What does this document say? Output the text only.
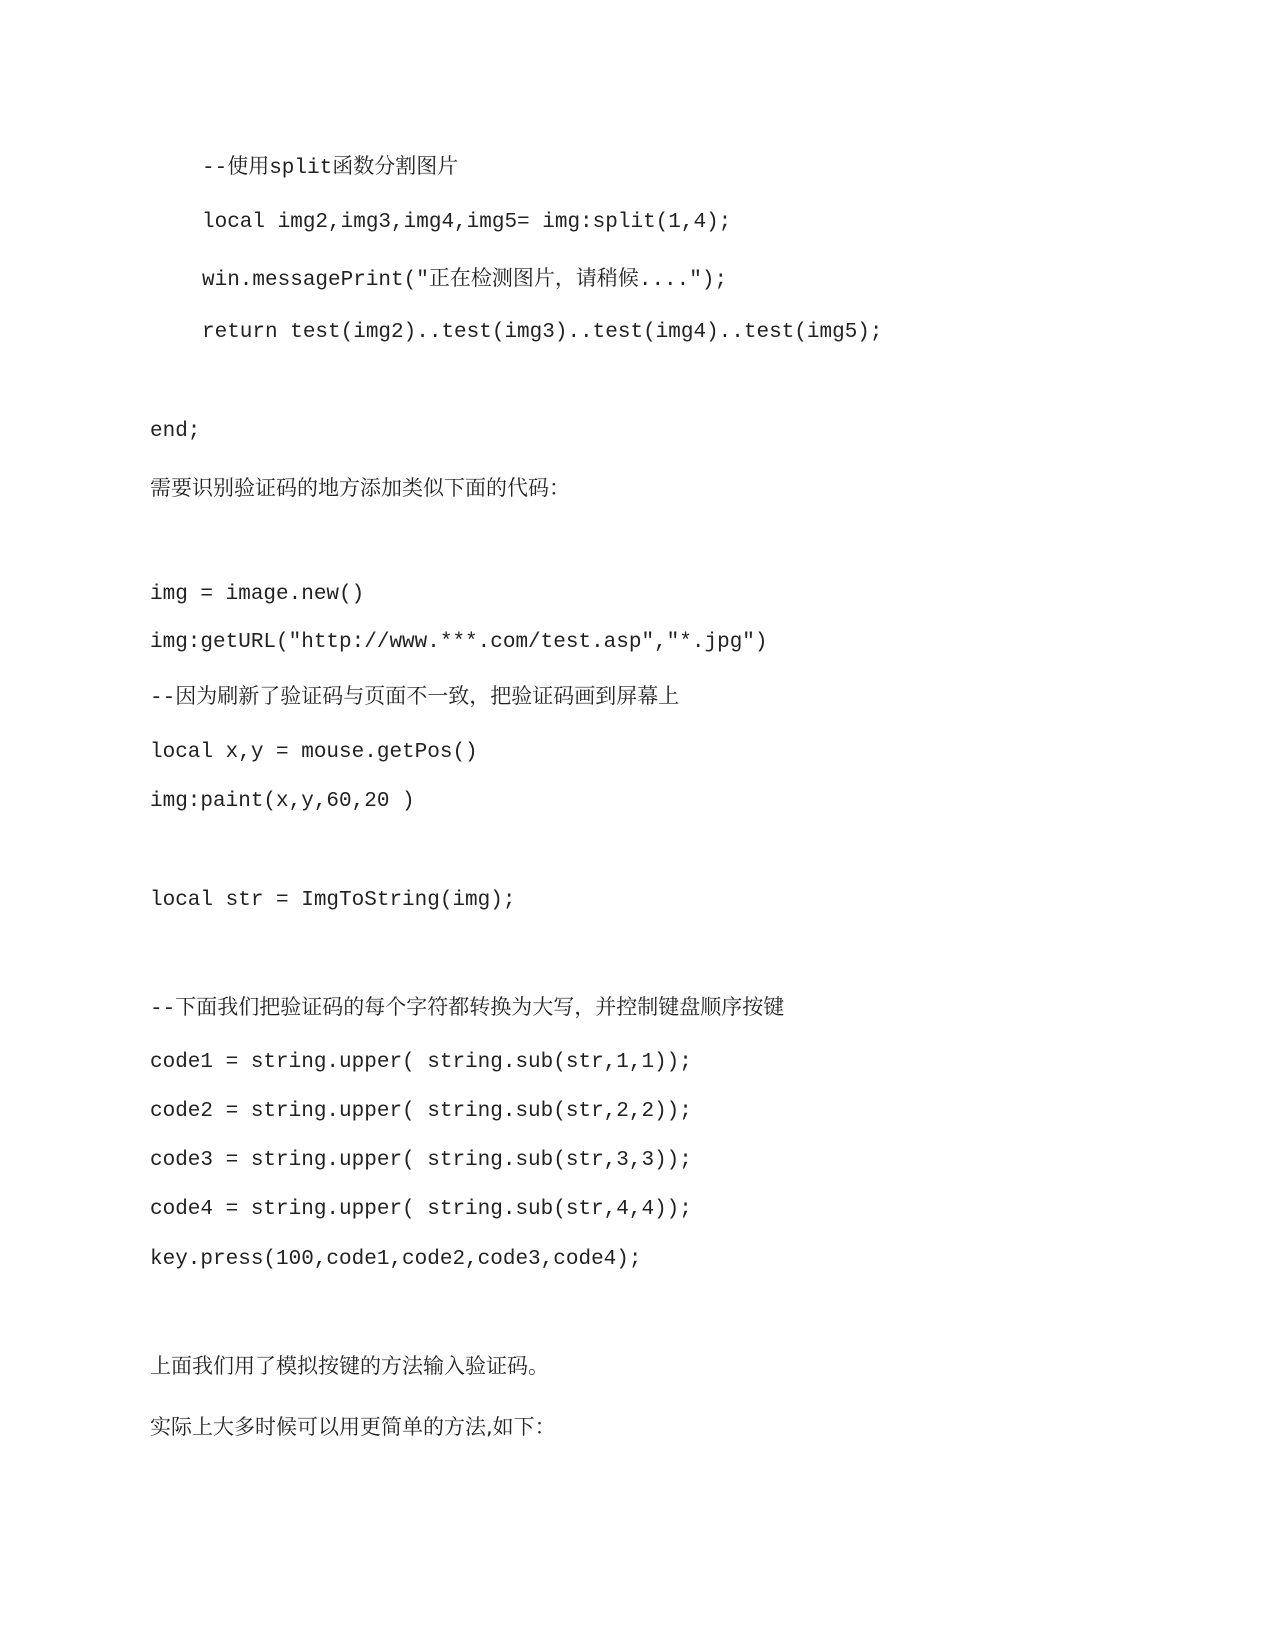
--使用split函数分割图片
local img2,img3,img4,img5= img:split(1,4);
win.messagePrint("正在检测图片，请稍候....");
return test(img2)..test(img3)..test(img4)..test(img5);
end;
需要识别验证码的地方添加类似下面的代码：
img = image.new()
img:getURL("http://www.***.com/test.asp","*.jpg")
--因为刷新了验证码与页面不一致，把验证码画到屏幕上
local x,y = mouse.getPos()
img:paint(x,y,60,20 )
local str = ImgToString(img);
--下面我们把验证码的每个字符都转换为大写，并控制键盘顺序按键
code1 = string.upper( string.sub(str,1,1));
code2 = string.upper( string.sub(str,2,2));
code3 = string.upper( string.sub(str,3,3));
code4 = string.upper( string.sub(str,4,4));
key.press(100,code1,code2,code3,code4);
上面我们用了模拟按键的方法输入验证码。
实际上大多时候可以用更简单的方法,如下：
